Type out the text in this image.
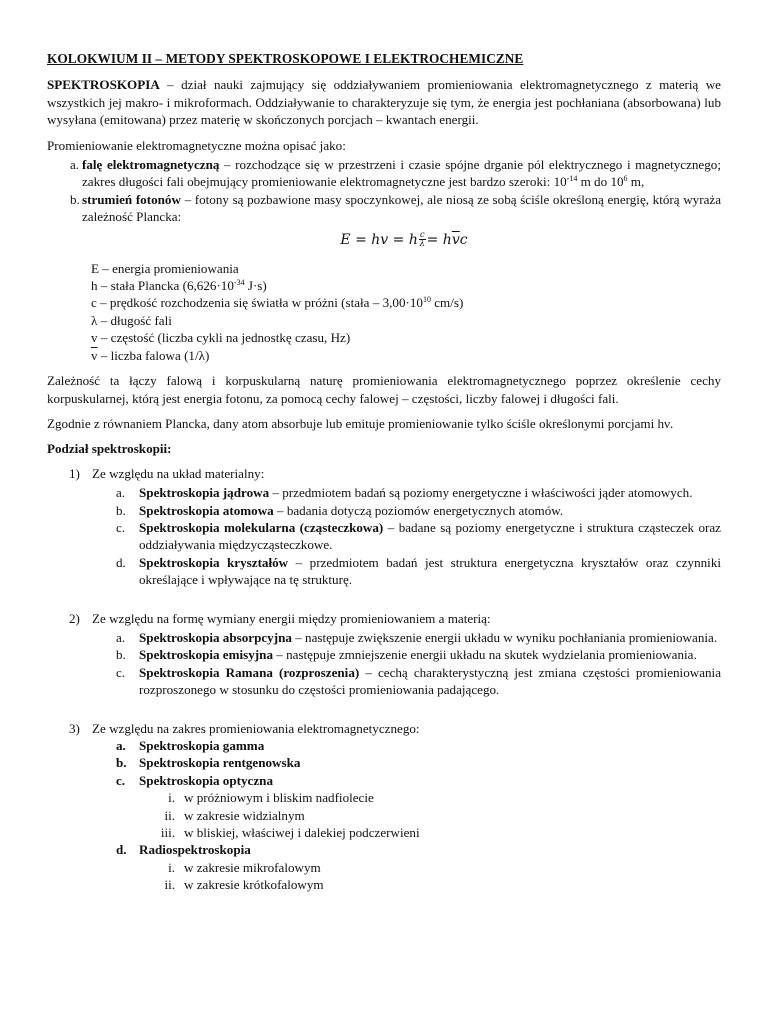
KOLOKWIUM II – METODY SPEKTROSKOPOWE I ELEKTROCHEMICZNE

SPEKTROSKOPIA – dział nauki zajmujący się oddziaływaniem promieniowania elektromagnetycznego z materią we wszystkich jej makro- i mikroformach. Oddziaływanie to charakteryzuje się tym, że energia jest pochłaniana (absorbowana) lub wysyłana (emitowana) przez materię w skończonych porcjach – kwantach energii.

Promieniowanie elektromagnetyczne można opisać jako:

a. falę elektromagnetyczną – rozchodzące się w przestrzeni i czasie spójne drganie pól elektrycznego i magnetycznego; zakres długości fali obejmujący promieniowanie elektromagnetyczne jest bardzo szeroki: $10^{-14}$ m do $10^6$ m,
b. strumień fotonów – fotony są pozbawione masy spoczynkowej, ale niosą ze sobą ściśle określoną energię, którą wyraża zależność Plancka:
E = hv = h $\frac{c}{\lambda} = h\overline{v}c$
E – energia promieniowania
h – stała Plancka ($6,626\cdot 10^{-34}$ J·s)
c – prędkość rozchodzenia się światła w próżni (stała – $3,00\cdot 10^{10}$ cm/s)
λ – długość fali
v – częstość (liczba cykli na jednostkę czasu, Hz)
$\overline{v}$ – liczba falowa (1/λ)

Zależność ta łączy falową i korpuskularną naturę promieniowania elektromagnetycznego poprzez określenie cechy korpuskularnej, którą jest energia fotonu, za pomocą cechy falowej – częstości, liczby falowej i długości fali.

Zgodnie z równaniem Plancka, dany atom absorbuje lub emituje promieniowanie tylko ściśle określonymi porcjami hν.

Podział spektroskopii:

1) Ze względu na układ materialny:
a. Spektroskopia jądrowa – przedmiotem badań są poziomy energetyczne i właściwości jąder atomowych.
b. Spektroskopia atomowa – badania dotyczą poziomów energetycznych atomów.
c. Spektroskopia molekularna (cząsteczkowa) – badane są poziomy energetyczne i struktura cząsteczek oraz oddziaływania międzycząsteczkowe.
d. Spektroskopia kryształów – przedmiotem badań jest struktura energetyczna kryształów oraz czynniki określające i wpływające na tę strukturę.
2) Ze względu na formę wymiany energii między promieniowaniem a materią:
a. Spektroskopia absorpcyjna – następuje zwiększenie energii układu w wyniku pochłaniania promieniowania.
b. Spektroskopia emisyjna – następuje zmniejszenie energii układu na skutek wydzielania promieniowania.
c. Spektroskopia Ramana (rozproszenia) – cechą charakterystyczną jest zmiana częstości promieniowania rozproszonego w stosunku do częstości promieniowania padającego.
3) Ze względu na zakres promieniowania elektromagnetycznego:
a. Spektroskopia gamma
b. Spektroskopia rentgenowska
c. Spektroskopia optyczna
i. w próżniowym i bliskim nadfiolecie
ii. w zakresie widzialnym
iii. w bliskiej, właściwej i dalekiej podczerwieni
d. Radiospektroskopia
i. w zakresie mikrofalowym
ii. w zakresie krótkofalowym
